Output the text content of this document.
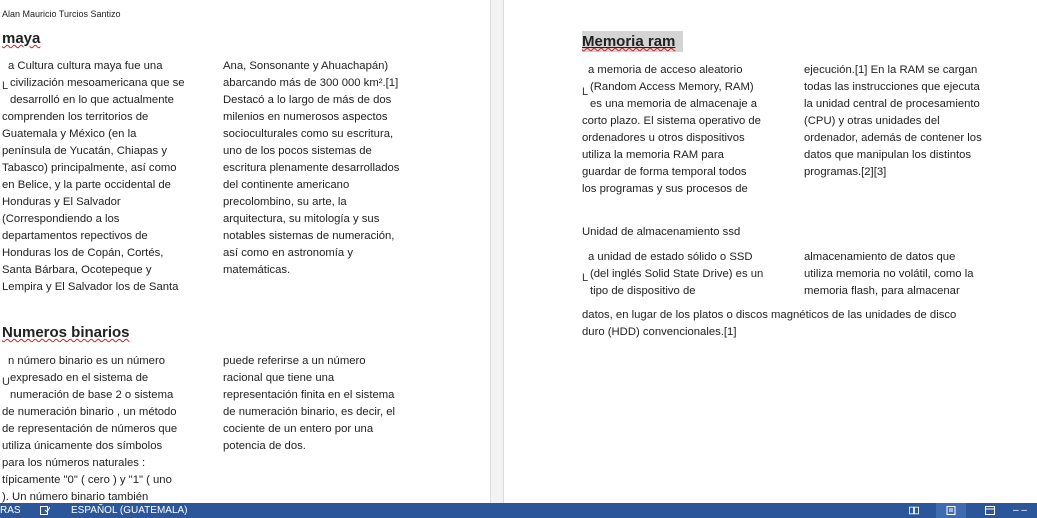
Alan Mauricio Turcios Santizo
maya
L
a Cultura cultura maya fue una
civilización mesoamericana que se
desarrolló en lo que actualmente
comprenden los territorios de
Guatemala y México (en la
península de Yucatán, Chiapas y
Tabasco) principalmente, así como
en Belice, y la parte occidental de
Honduras y El Salvador
(Correspondiendo a los
departamentos repectivos de
Honduras los de Copán, Cortés,
Santa Bárbara, Ocotepeque y
Lempira y El Salvador los de Santa
Ana, Sonsonante y Ahuachapán)
abarcando más de 300 000 km².[1]
Destacó a lo largo de más de dos
milenios en numerosos aspectos
socioculturales como su escritura,
uno de los pocos sistemas de
escritura plenamente desarrollados
del continente americano
precolombino, su arte, la
arquitectura, su mitología y sus
notables sistemas de numeración,
así como en astronomía y
matemáticas.
Numeros binarios
U
n número binario es un número
expresado en el sistema de
numeración de base 2 o sistema
de numeración binario , un método
de representación de números que
utiliza únicamente dos símbolos
para los números naturales :
típicamente "0" ( cero ) y "1" ( uno
). Un número binario también
puede referirse a un número
racional que tiene una
representación finita en el sistema
de numeración binario, es decir, el
cociente de un entero por una
potencia de dos.
Memoria ram
L
a memoria de acceso aleatorio
(Random Access Memory, RAM)
es una memoria de almacenaje a
corto plazo. El sistema operativo de
ordenadores u otros dispositivos
utiliza la memoria RAM para
guardar de forma temporal todos
los programas y sus procesos de
ejecución.[1] En la RAM se cargan
todas las instrucciones que ejecuta
la unidad central de procesamiento
(CPU) y otras unidades del
ordenador, además de contener los
datos que manipulan los distintos
programas.[2][3]
Unidad de almacenamiento ssd
L
a unidad de estado sólido o SSD
(del inglés Solid State Drive) es un
tipo de dispositivo de
almacenamiento de datos que
utiliza memoria no volátil, como la
memoria flash, para almacenar
datos, en lugar de los platos o discos magnéticos de las unidades de disco
duro (HDD) convencionales.[1]
RAS	ESPAÑOL (GUATEMALA)	– –
